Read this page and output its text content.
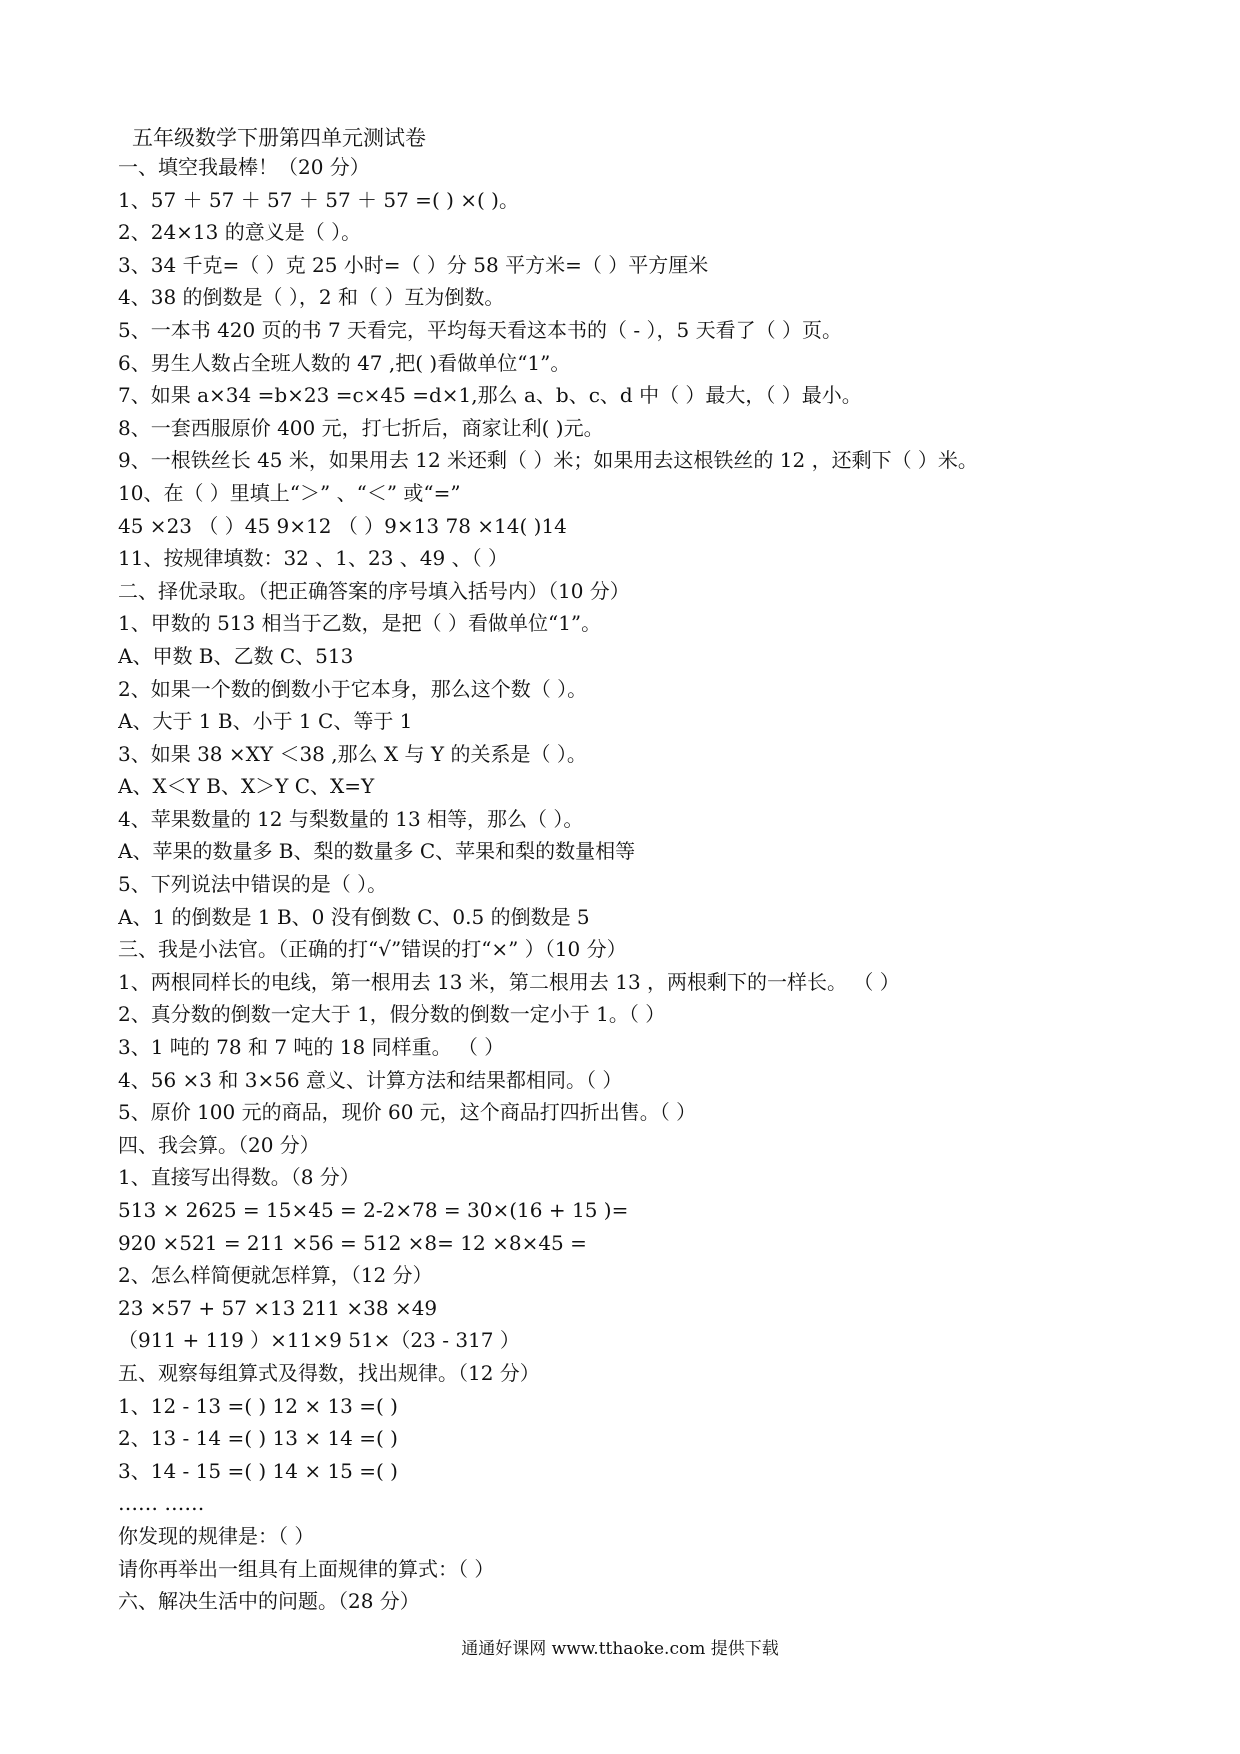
五年级数学下册第四单元测试卷
一、填空我最棒！（20 分）
1、57 ＋ 57 ＋ 57 ＋ 57 ＋ 57 =( ) ×( )。
2、24×13 的意义是（ ）。
3、34 千克=（ ）克 25 小时=（ ）分 58 平方米=（ ）平方厘米
4、38 的倒数是（ ），2 和（ ）互为倒数。
5、一本书 420 页的书 7 天看完，平均每天看这本书的（ - ），5 天看了（ ）页。
6、男生人数占全班人数的 47 ,把( )看做单位“1”。
7、如果 a×34 =b×23 =c×45 =d×1,那么 a、b、c、d 中（ ）最大，（ ）最小。
8、一套西服原价 400 元，打七折后，商家让利( )元。
9、一根铁丝长 45 米，如果用去 12 米还剩（ ）米；如果用去这根铁丝的 12 ，还剩下（ ）米。
10、在（ ）里填上“＞” 、“＜” 或“=”
45 ×23 （ ）45 9×12 （ ）9×13 78 ×14( )14
11、按规律填数：32 、1、23 、49 、（ ）
二、择优录取。（把正确答案的序号填入括号内）（10 分）
1、甲数的 513 相当于乙数，是把（ ）看做单位“1”。
A、甲数 B、乙数 C、513
2、如果一个数的倒数小于它本身，那么这个数（ ）。
A、大于 1 B、小于 1 C、等于 1
3、如果 38 ×XY ＜38 ,那么 X 与 Y 的关系是（ ）。
A、X＜Y B、X＞Y C、X=Y
4、苹果数量的 12 与梨数量的 13 相等，那么（ ）。
A、苹果的数量多 B、梨的数量多 C、苹果和梨的数量相等
5、下列说法中错误的是（ ）。
A、1 的倒数是 1 B、0 没有倒数 C、0.5 的倒数是 5
三、我是小法官。（正确的打“√”错误的打“×” ）（10 分）
1、两根同样长的电线，第一根用去 13 米，第二根用去 13 ，两根剩下的一样长。 （ ）
2、真分数的倒数一定大于 1，假分数的倒数一定小于 1。（ ）
3、1 吨的 78 和 7 吨的 18 同样重。 （ ）
4、56 ×3 和 3×56 意义、计算方法和结果都相同。（ ）
5、原价 100 元的商品，现价 60 元，这个商品打四折出售。（ ）
四、我会算。（20 分）
1、直接写出得数。（8 分）
513 × 2625 = 15×45 = 2-2×78 = 30×(16 + 15 )=
920 ×521 = 211 ×56 = 512 ×8= 12 ×8×45 =
2、怎么样简便就怎样算，（12 分）
23 ×57 + 57 ×13 211 ×38 ×49
（911 + 119 ）×11×9 51×（23 - 317 ）
五、观察每组算式及得数，找出规律。（12 分）
1、12 - 13 =( ) 12 × 13 =( )
2、13 - 14 =( ) 13 × 14 =( )
3、14 - 15 =( ) 14 × 15 =( )
…… ……
你发现的规律是：（ ）
请你再举出一组具有上面规律的算式：（ ）
六、解决生活中的问题。（28 分）
通通好课网 www.tthaoke.com 提供下载
